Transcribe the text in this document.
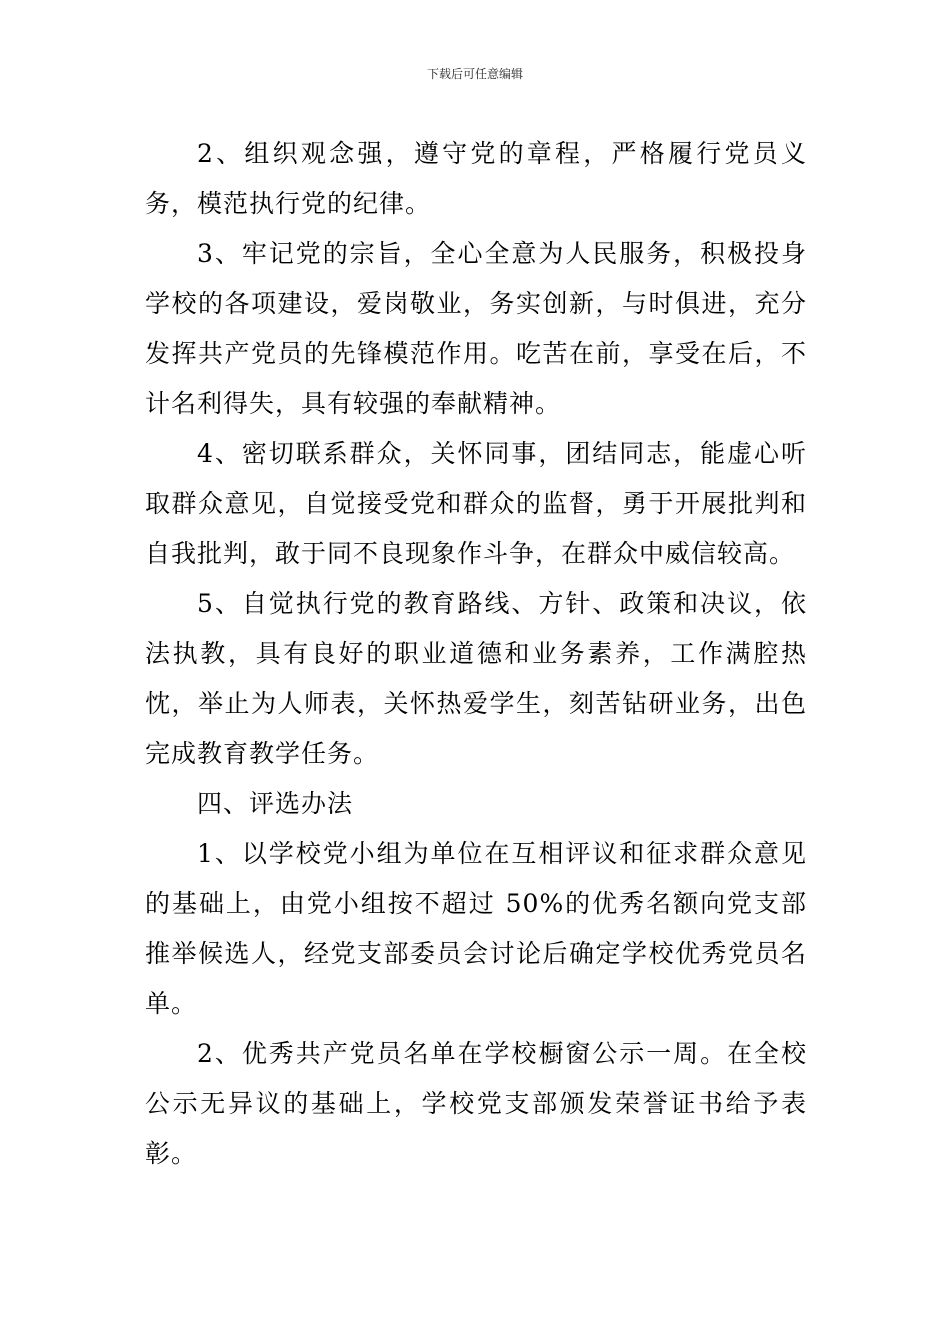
下载后可任意编辑

2、组织观念强，遵守党的章程，严格履行党员义务，模范执行党的纪律。

3、牢记党的宗旨，全心全意为人民服务，积极投身学校的各项建设，爱岗敬业，务实创新，与时俱进，充分发挥共产党员的先锋模范作用。吃苦在前，享受在后，不计名利得失，具有较强的奉献精神。

4、密切联系群众，关怀同事，团结同志，能虚心听取群众意见，自觉接受党和群众的监督，勇于开展批判和自我批判，敢于同不良现象作斗争，在群众中威信较高。

5、自觉执行党的教育路线、方针、政策和决议，依法执教，具有良好的职业道德和业务素养，工作满腔热忱，举止为人师表，关怀热爱学生，刻苦钻研业务，出色完成教育教学任务。

四、评选办法

1、以学校党小组为单位在互相评议和征求群众意见的基础上，由党小组按不超过 50%的优秀名额向党支部推举候选人，经党支部委员会讨论后确定学校优秀党员名单。

2、优秀共产党员名单在学校橱窗公示一周。在全校公示无异议的基础上，学校党支部颁发荣誉证书给予表彰。
